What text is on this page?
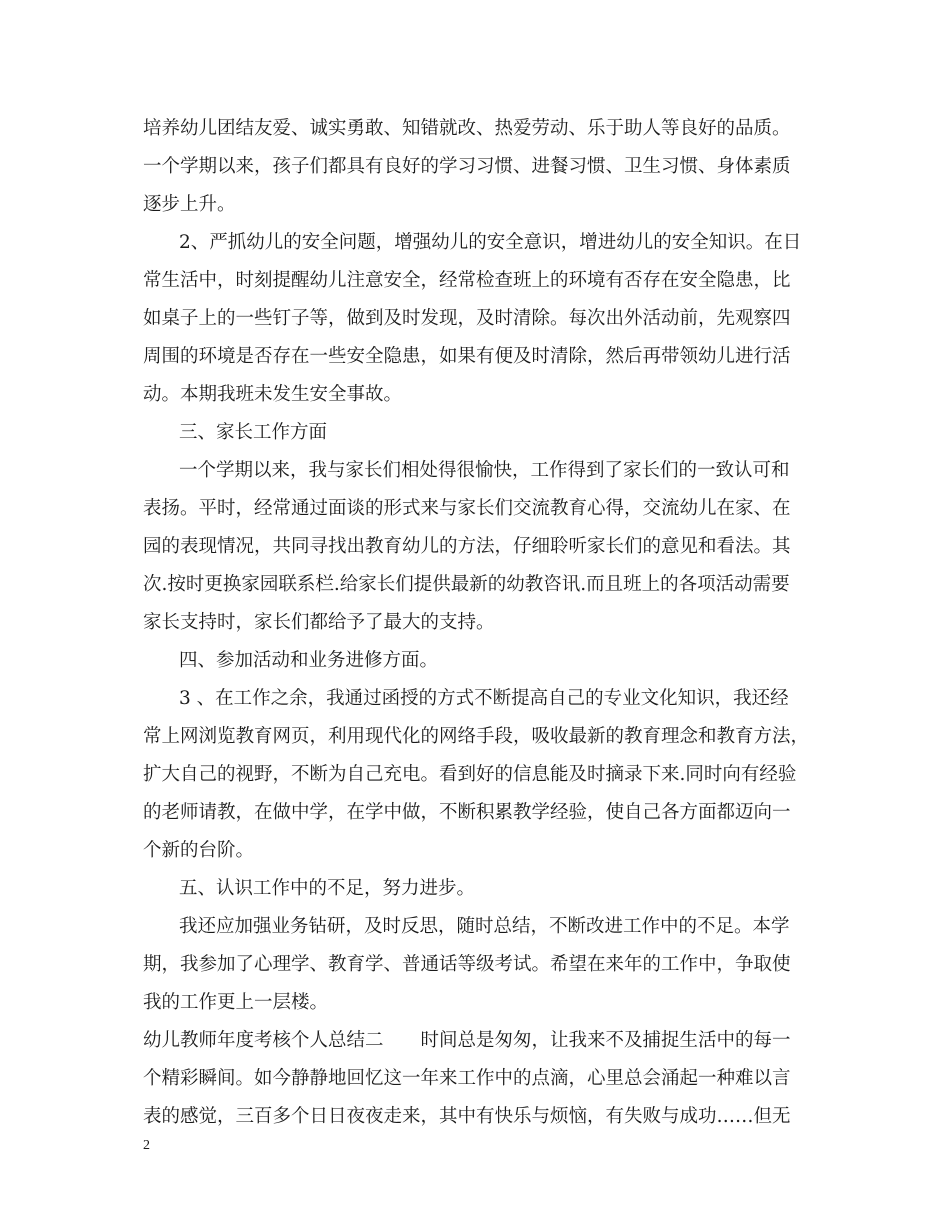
培养幼儿团结友爱、诚实勇敢、知错就改、热爱劳动、乐于助人等良好的品质。
一个学期以来，孩子们都具有良好的学习习惯、进餐习惯、卫生习惯、身体素质
逐步上升。
2、严抓幼儿的安全问题，增强幼儿的安全意识，增进幼儿的安全知识。在日
常生活中，时刻提醒幼儿注意安全，经常检查班上的环境有否存在安全隐患，比
如桌子上的一些钉子等，做到及时发现，及时清除。每次出外活动前，先观察四
周围的环境是否存在一些安全隐患，如果有便及时清除，然后再带领幼儿进行活
动。本期我班未发生安全事故。
三、家长工作方面
一个学期以来，我与家长们相处得很愉快，工作得到了家长们的一致认可和
表扬。平时，经常通过面谈的形式来与家长们交流教育心得，交流幼儿在家、在
园的表现情况，共同寻找出教育幼儿的方法，仔细聆听家长们的意见和看法。其
次.按时更换家园联系栏.给家长们提供最新的幼教咨讯.而且班上的各项活动需要
家长支持时，家长们都给予了最大的支持。
四、参加活动和业务进修方面。
3 、在工作之余，我通过函授的方式不断提高自己的专业文化知识，我还经
常上网浏览教育网页，利用现代化的网络手段，吸收最新的教育理念和教育方法，
扩大自己的视野，不断为自己充电。看到好的信息能及时摘录下来.同时向有经验
的老师请教，在做中学，在学中做，不断积累教学经验，使自己各方面都迈向一
个新的台阶。
五、认识工作中的不足，努力进步。
我还应加强业务钻研，及时反思，随时总结，不断改进工作中的不足。本学
期，我参加了心理学、教育学、普通话等级考试。希望在来年的工作中，争取使
我的工作更上一层楼。
幼儿教师年度考核个人总结二　　时间总是匆匆，让我来不及捕捉生活中的每一
个精彩瞬间。如今静静地回忆这一年来工作中的点滴，心里总会涌起一种难以言
表的感觉，三百多个日日夜夜走来，其中有快乐与烦恼，有失败与成功……但无
2
